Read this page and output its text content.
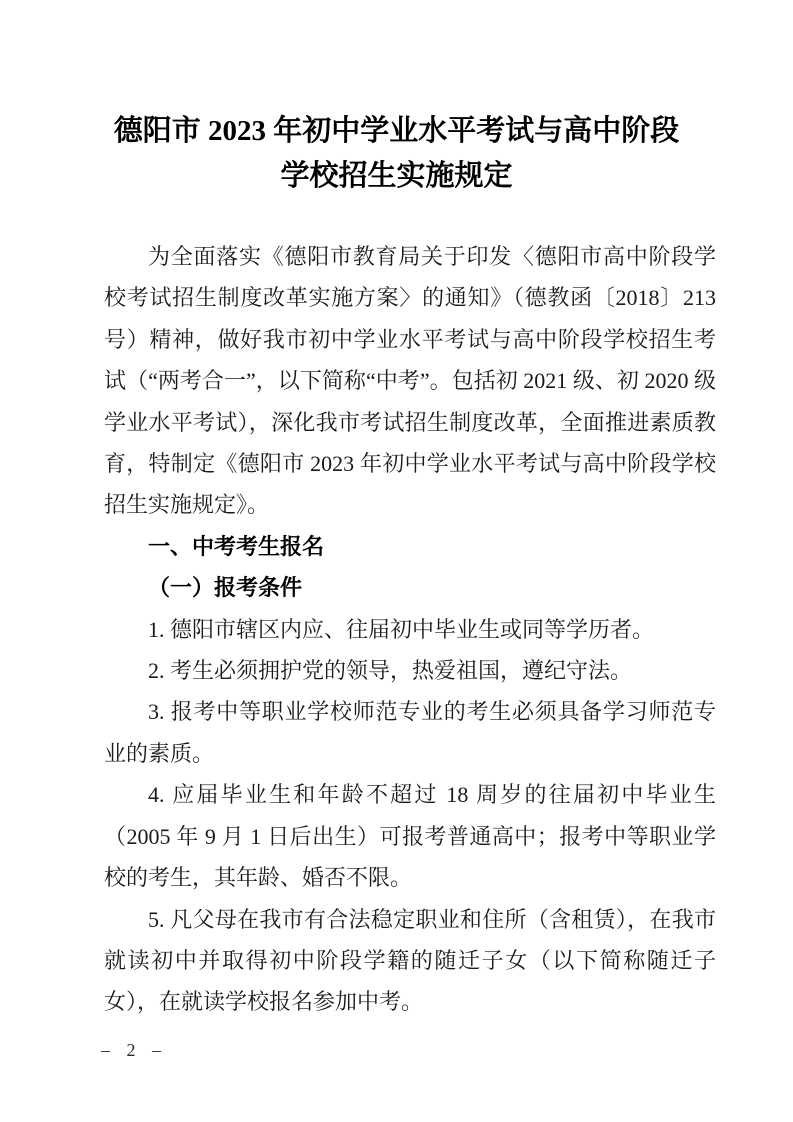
德阳市 2023 年初中学业水平考试与高中阶段
学校招生实施规定

为全面落实《德阳市教育局关于印发〈德阳市高中阶段学校考试招生制度改革实施方案〉的通知》（德教函〔2018〕213号）精神，做好我市初中学业水平考试与高中阶段学校招生考试（“两考合一”，以下简称“中考”。包括初 2021 级、初 2020 级学业水平考试），深化我市考试招生制度改革，全面推进素质教育，特制定《德阳市 2023 年初中学业水平考试与高中阶段学校招生实施规定》。

一、中考考生报名

（一）报考条件

1. 德阳市辖区内应、往届初中毕业生或同等学历者。

2. 考生必须拥护党的领导，热爱祖国，遵纪守法。

3. 报考中等职业学校师范专业的考生必须具备学习师范专业的素质。

4. 应届毕业生和年龄不超过 18 周岁的往届初中毕业生（2005 年 9 月 1 日后出生）可报考普通高中；报考中等职业学校的考生，其年龄、婚否不限。

5. 凡父母在我市有合法稳定职业和住所（含租赁），在我市就读初中并取得初中阶段学籍的随迁子女（以下简称随迁子女），在就读学校报名参加中考。

– 2 –
